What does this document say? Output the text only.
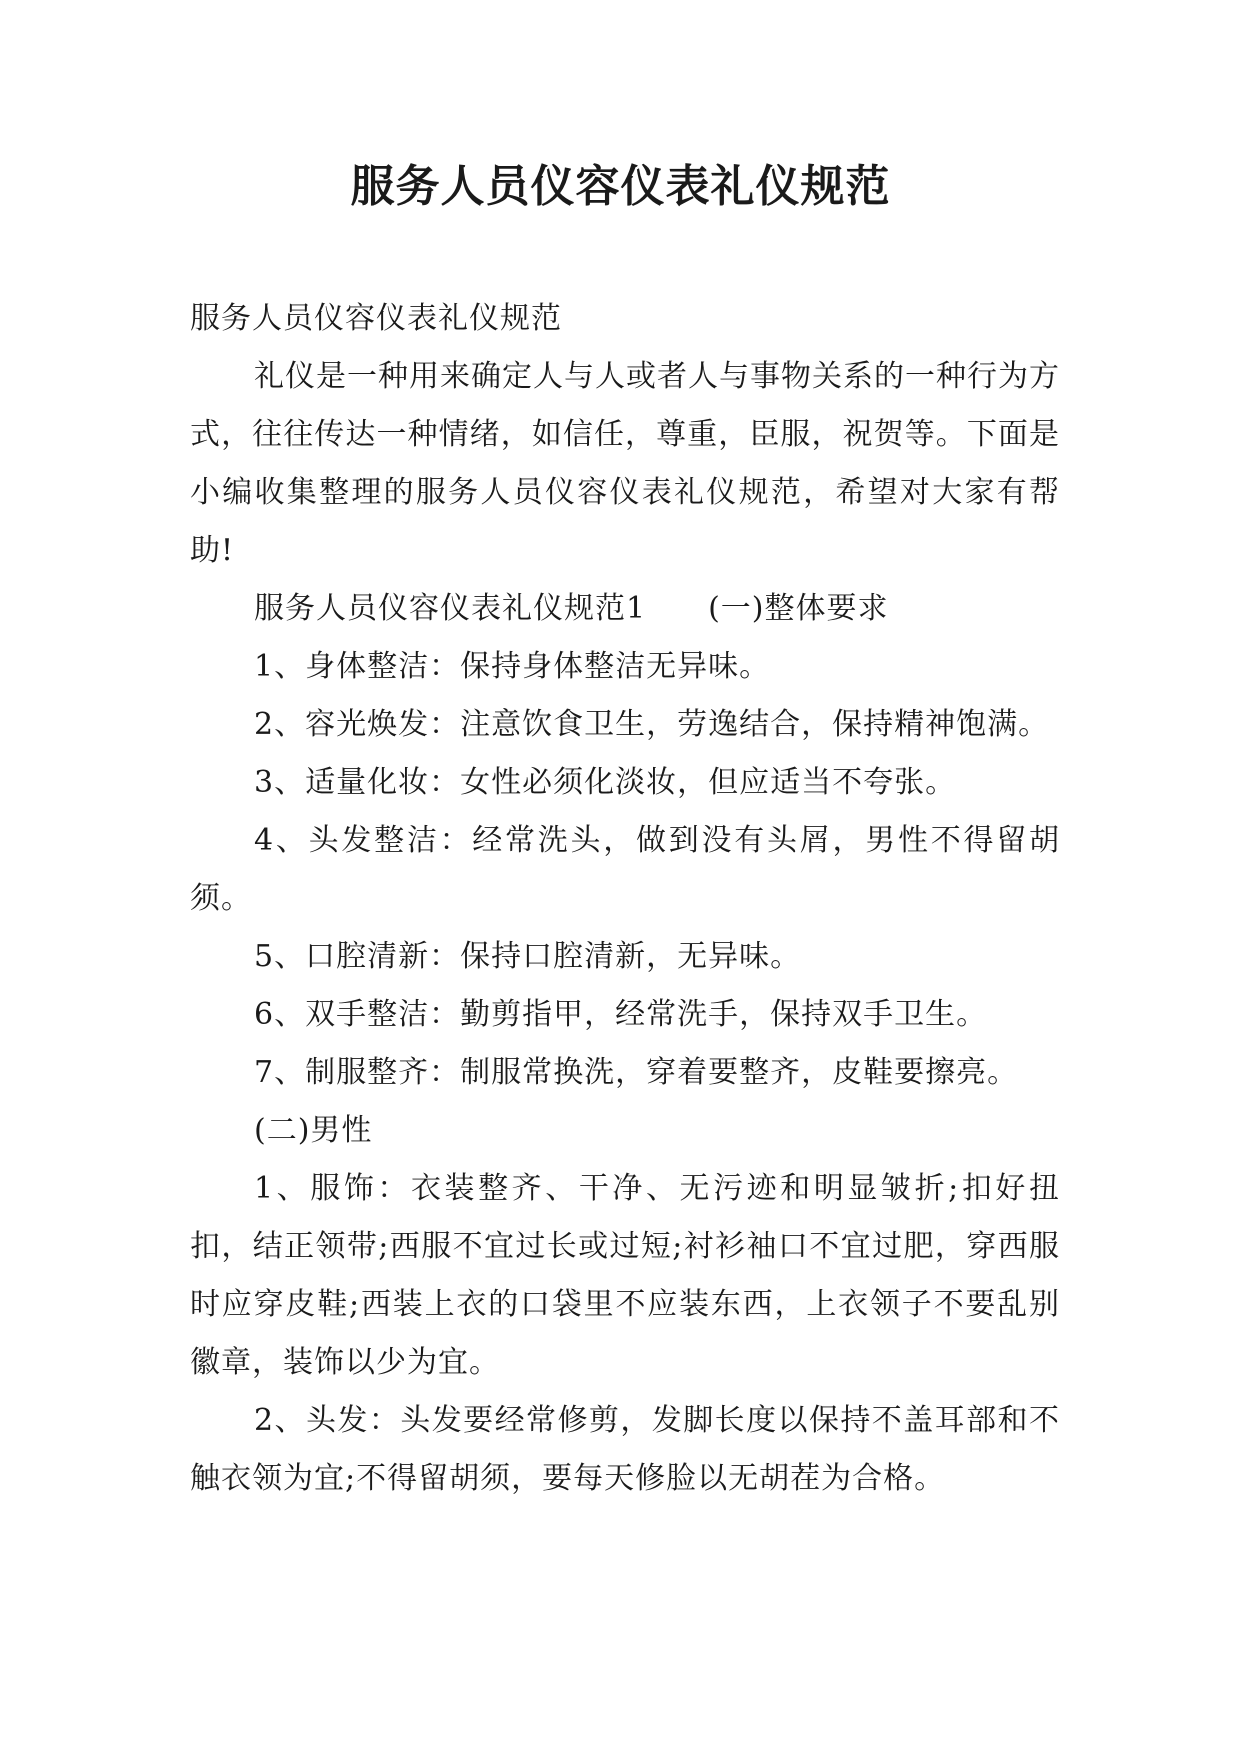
服务人员仪容仪表礼仪规范

服务人员仪容仪表礼仪规范

礼仪是一种用来确定人与人或者人与事物关系的一种行为方式，往往传达一种情绪，如信任，尊重，臣服，祝贺等。下面是小编收集整理的服务人员仪容仪表礼仪规范，希望对大家有帮助!

服务人员仪容仪表礼仪规范1　　(一)整体要求

1、身体整洁：保持身体整洁无异味。

2、容光焕发：注意饮食卫生，劳逸结合，保持精神饱满。

3、适量化妆：女性必须化淡妆，但应适当不夸张。

4、头发整洁：经常洗头，做到没有头屑，男性不得留胡须。

5、口腔清新：保持口腔清新，无异味。

6、双手整洁：勤剪指甲，经常洗手，保持双手卫生。

7、制服整齐：制服常换洗，穿着要整齐，皮鞋要擦亮。

(二)男性

1、服饰：衣装整齐、干净、无污迹和明显皱折;扣好扭扣，结正领带;西服不宜过长或过短;衬衫袖口不宜过肥，穿西服时应穿皮鞋;西装上衣的口袋里不应装东西，上衣领子不要乱别徽章，装饰以少为宜。

2、头发：头发要经常修剪，发脚长度以保持不盖耳部和不触衣领为宜;不得留胡须，要每天修脸以无胡茬为合格。
